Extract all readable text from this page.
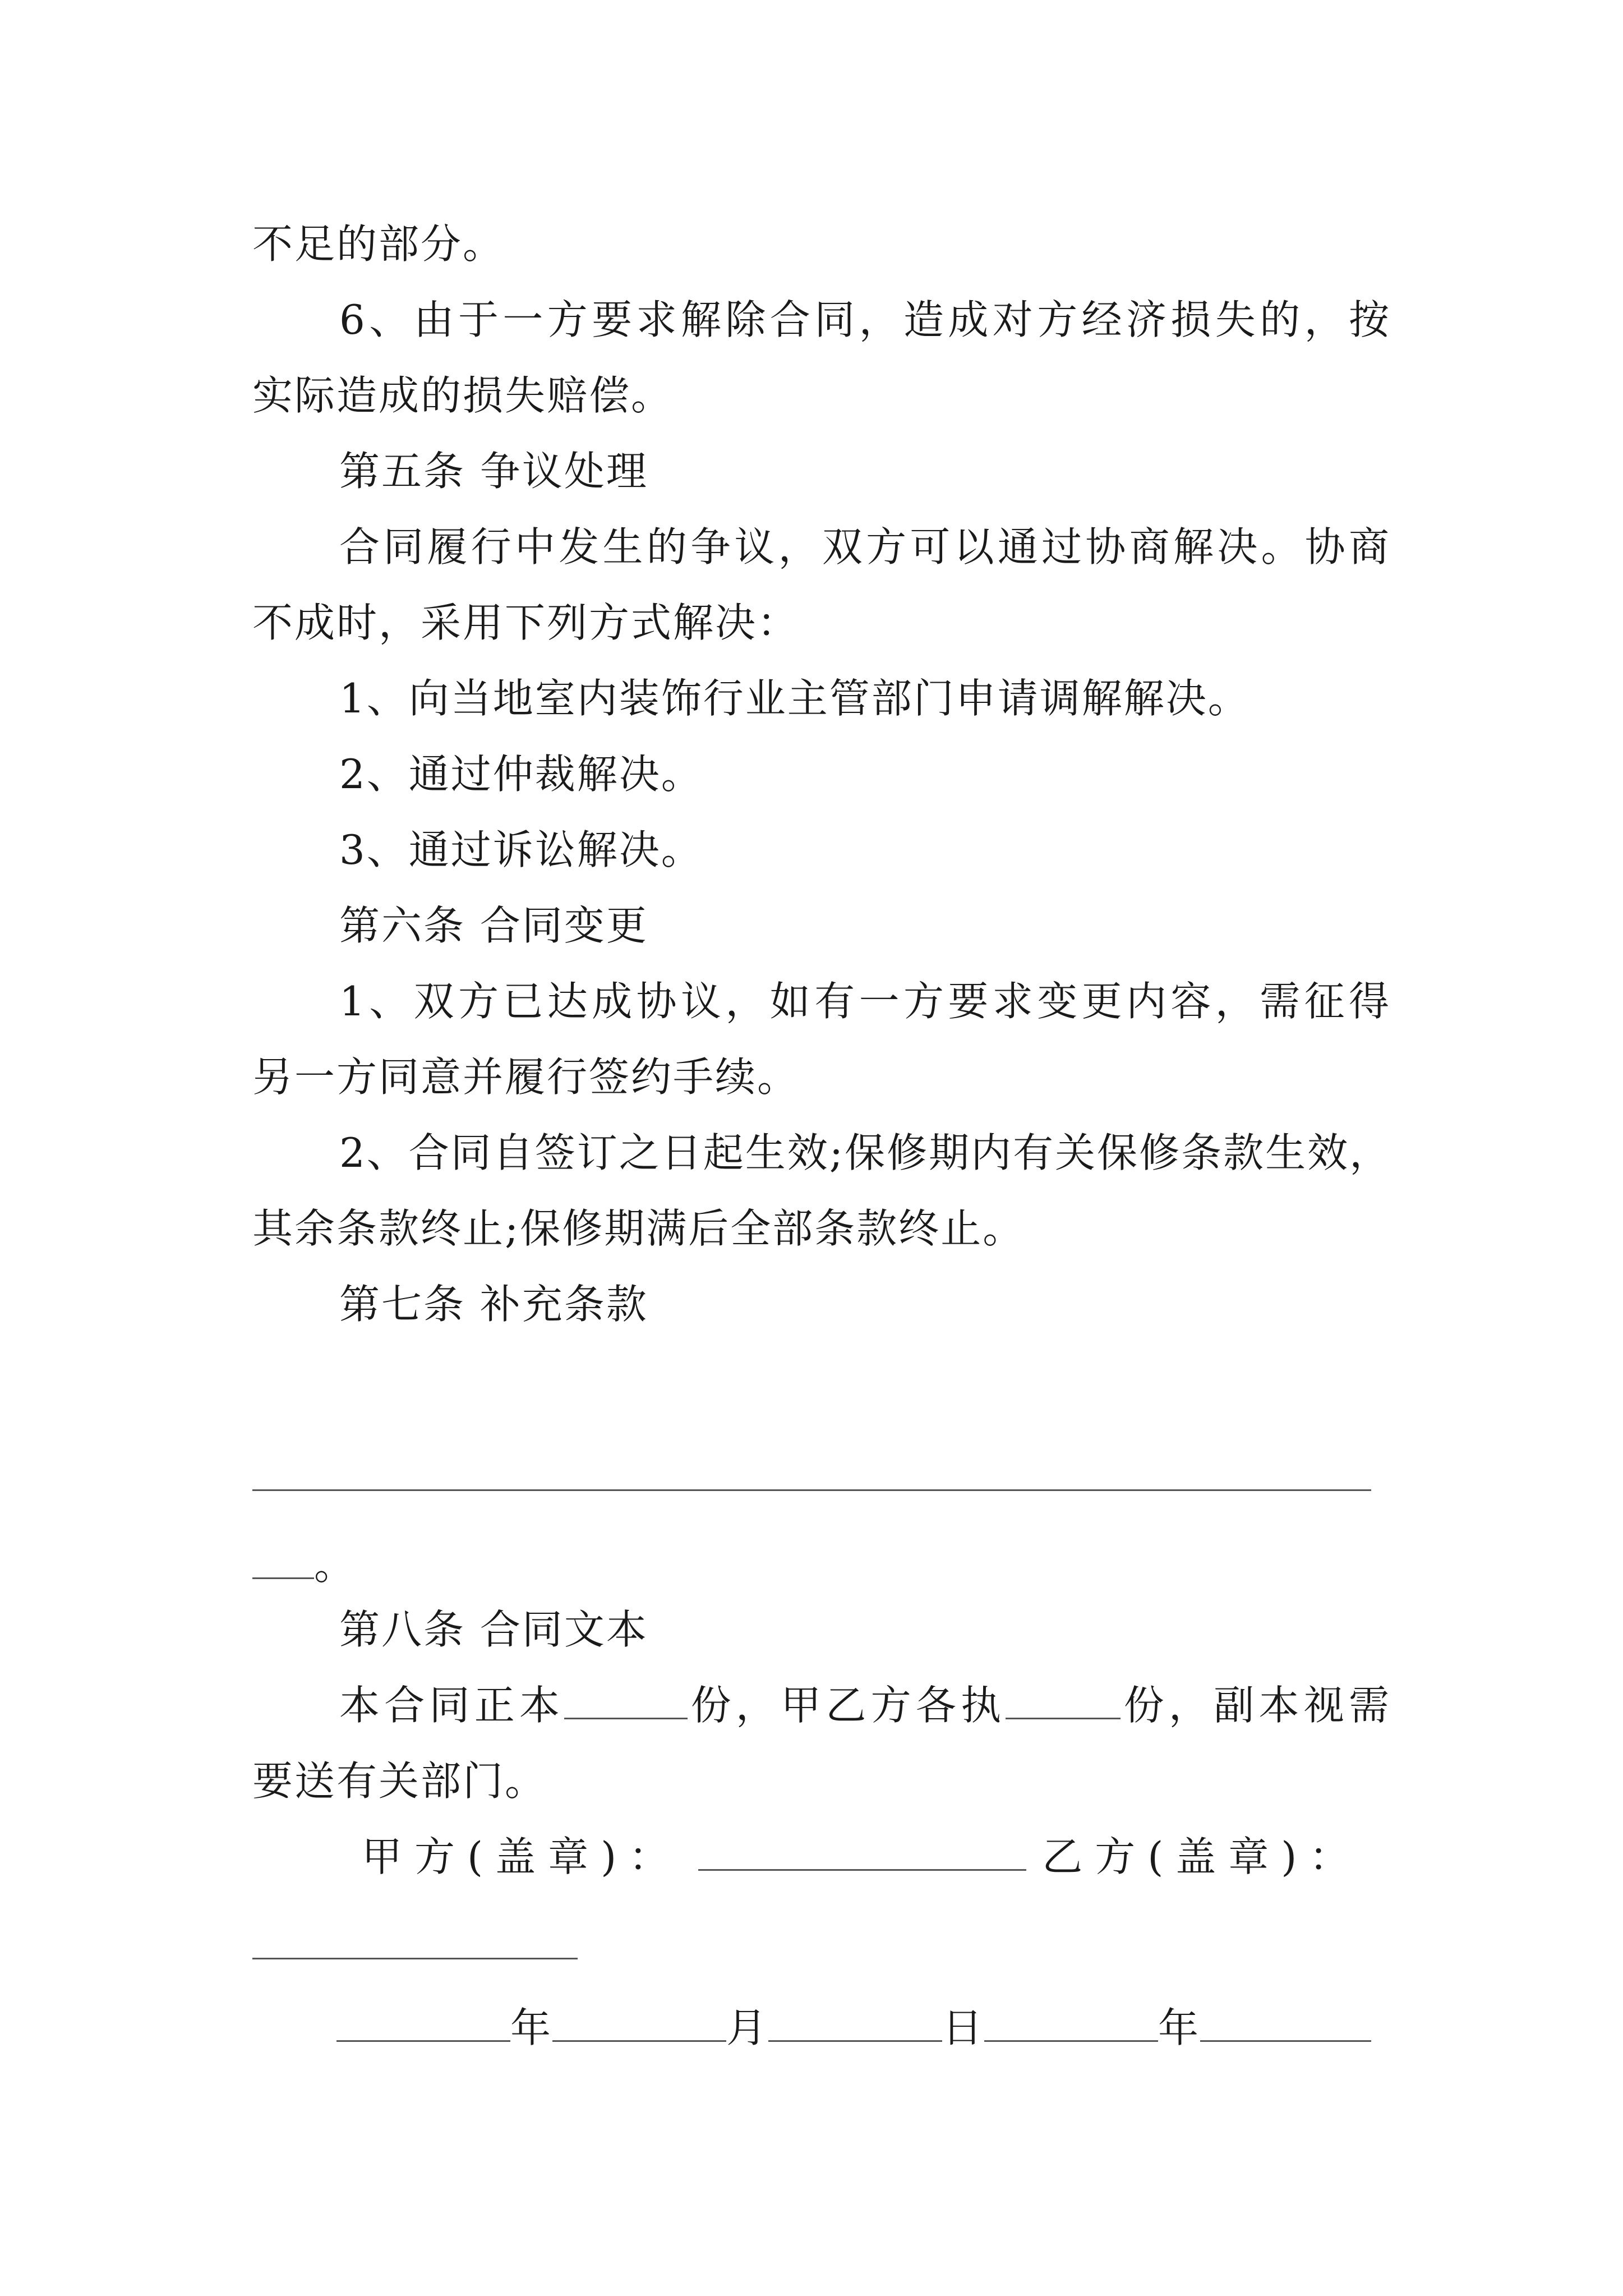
不足的部分。
6、由于一方要求解除合同，造成对方经济损失的，按
实际造成的损失赔偿。
第五条 争议处理
合同履行中发生的争议，双方可以通过协商解决。协商
不成时，采用下列方式解决：
1、向当地室内装饰行业主管部门申请调解解决。
2、通过仲裁解决。
3、通过诉讼解决。
第六条 合同变更
1、双方已达成协议，如有一方要求变更内容，需征得
另一方同意并履行签约手续。
2、合同自签订之日起生效;保修期内有关保修条款生效，
其余条款终止;保修期满后全部条款终止。
第七条 补充条款
。
第八条 合同文本
本合同正本	份，甲乙方各执	份，副本视需
要送有关部门。
甲方(盖章)：	乙方(盖章)：
年	月	日	年
